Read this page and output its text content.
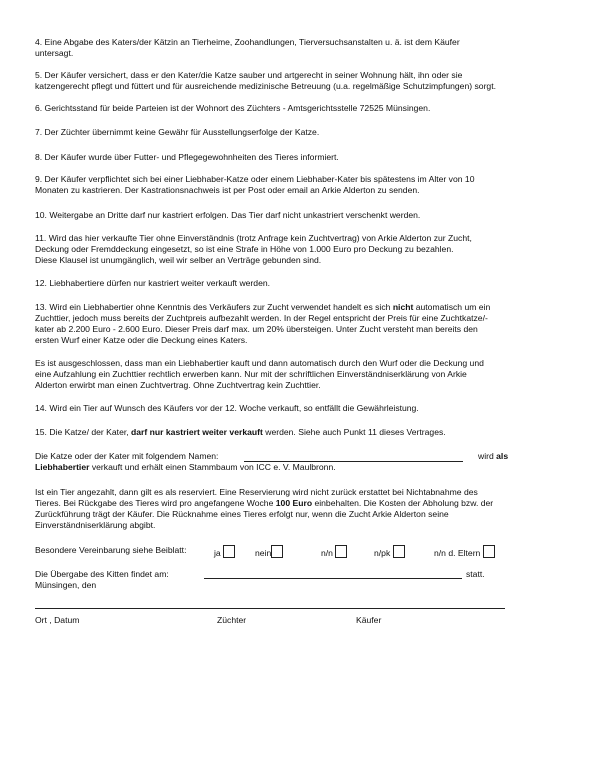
4. Eine Abgabe des Katers/der Kätzin an Tierheime, Zoohandlungen, Tierversuchsanstalten u. ä. ist dem Käufer
untersagt.
5. Der Käufer versichert, dass er den Kater/die Katze sauber und artgerecht in seiner Wohnung hält, ihn oder sie
katzengerecht pflegt und füttert und für ausreichende medizinische Betreuung (u.a. regelmäßige Schutzimpfungen) sorgt.
6. Gerichtsstand für beide Parteien ist der Wohnort des Züchters - Amtsgerichtsstelle 72525 Münsingen.
7. Der Züchter übernimmt keine Gewähr für Ausstellungserfolge der Katze.
8. Der Käufer wurde über Futter- und Pflegegewohnheiten des Tieres informiert.
9. Der Käufer verpflichtet sich bei einer Liebhaber-Katze oder einem Liebhaber-Kater bis spätestens im Alter von 10
Monaten zu kastrieren. Der Kastrationsnachweis ist per Post oder email an Arkie Alderton zu senden.
10. Weitergabe an Dritte darf nur kastriert erfolgen. Das Tier darf nicht unkastriert verschenkt werden.
11. Wird das hier verkaufte Tier ohne Einverständnis (trotz Anfrage kein Zuchtvertrag) von Arkie Alderton zur Zucht,
Deckung oder Fremddeckung eingesetzt, so ist eine Strafe in Höhe von 1.000 Euro pro Deckung zu bezahlen.
Diese Klausel ist unumgänglich, weil wir selber an Verträge gebunden sind.
12. Liebhabertiere dürfen nur kastriert weiter verkauft werden.
13. Wird ein Liebhabertier ohne Kenntnis des Verkäufers zur Zucht verwendet handelt es sich nicht automatisch um ein
Zuchttier, jedoch muss bereits der Zuchtpreis aufbezahlt werden. In der Regel entspricht der Preis für eine Zuchtkatze/-
kater ab 2.200 Euro - 2.600 Euro. Dieser Preis darf max. um 20% übersteigen. Unter Zucht versteht man bereits den
ersten Wurf einer Katze oder die Deckung eines Katers.
Es ist ausgeschlossen, dass man ein Liebhabertier kauft und dann automatisch durch den Wurf oder die Deckung und
eine Aufzahlung ein Zuchttier rechtlich erwerben kann. Nur mit der schriftlichen Einverständniserklärung von Arkie
Alderton erwirbt man einen Zuchtvertrag. Ohne Zuchtvertrag kein Zuchttier.
14. Wird ein Tier auf Wunsch des Käufers vor der 12. Woche verkauft, so entfällt die Gewährleistung.
15. Die Katze/ der Kater, darf nur kastriert weiter verkauft werden. Siehe auch Punkt 11 dieses Vertrages.
Die Katze oder der Kater mit folgendem Namen:	wird als
Liebhabertier verkauft und erhält einen Stammbaum von ICC e. V. Maulbronn.
Ist ein Tier angezahlt, dann gilt es als reserviert. Eine Reservierung wird nicht zurück erstattet bei Nichtabnahme des
Tieres. Bei Rückgabe des Tieres wird pro angefangene Woche 100 Euro einbehalten. Die Kosten der Abholung bzw. der
Zurückführung trägt der Käufer. Die Rücknahme eines Tieres erfolgt nur, wenn die Zucht Arkie Alderton seine
Einverständniserklärung abgibt.
Besondere Vereinbarung siehe Beiblatt:	ja	nein	n/n	n/pk	n/n d. Eltern
Die Übergabe des Kitten findet am:	statt.
Münsingen, den
Ort , Datum	Züchter	Käufer
